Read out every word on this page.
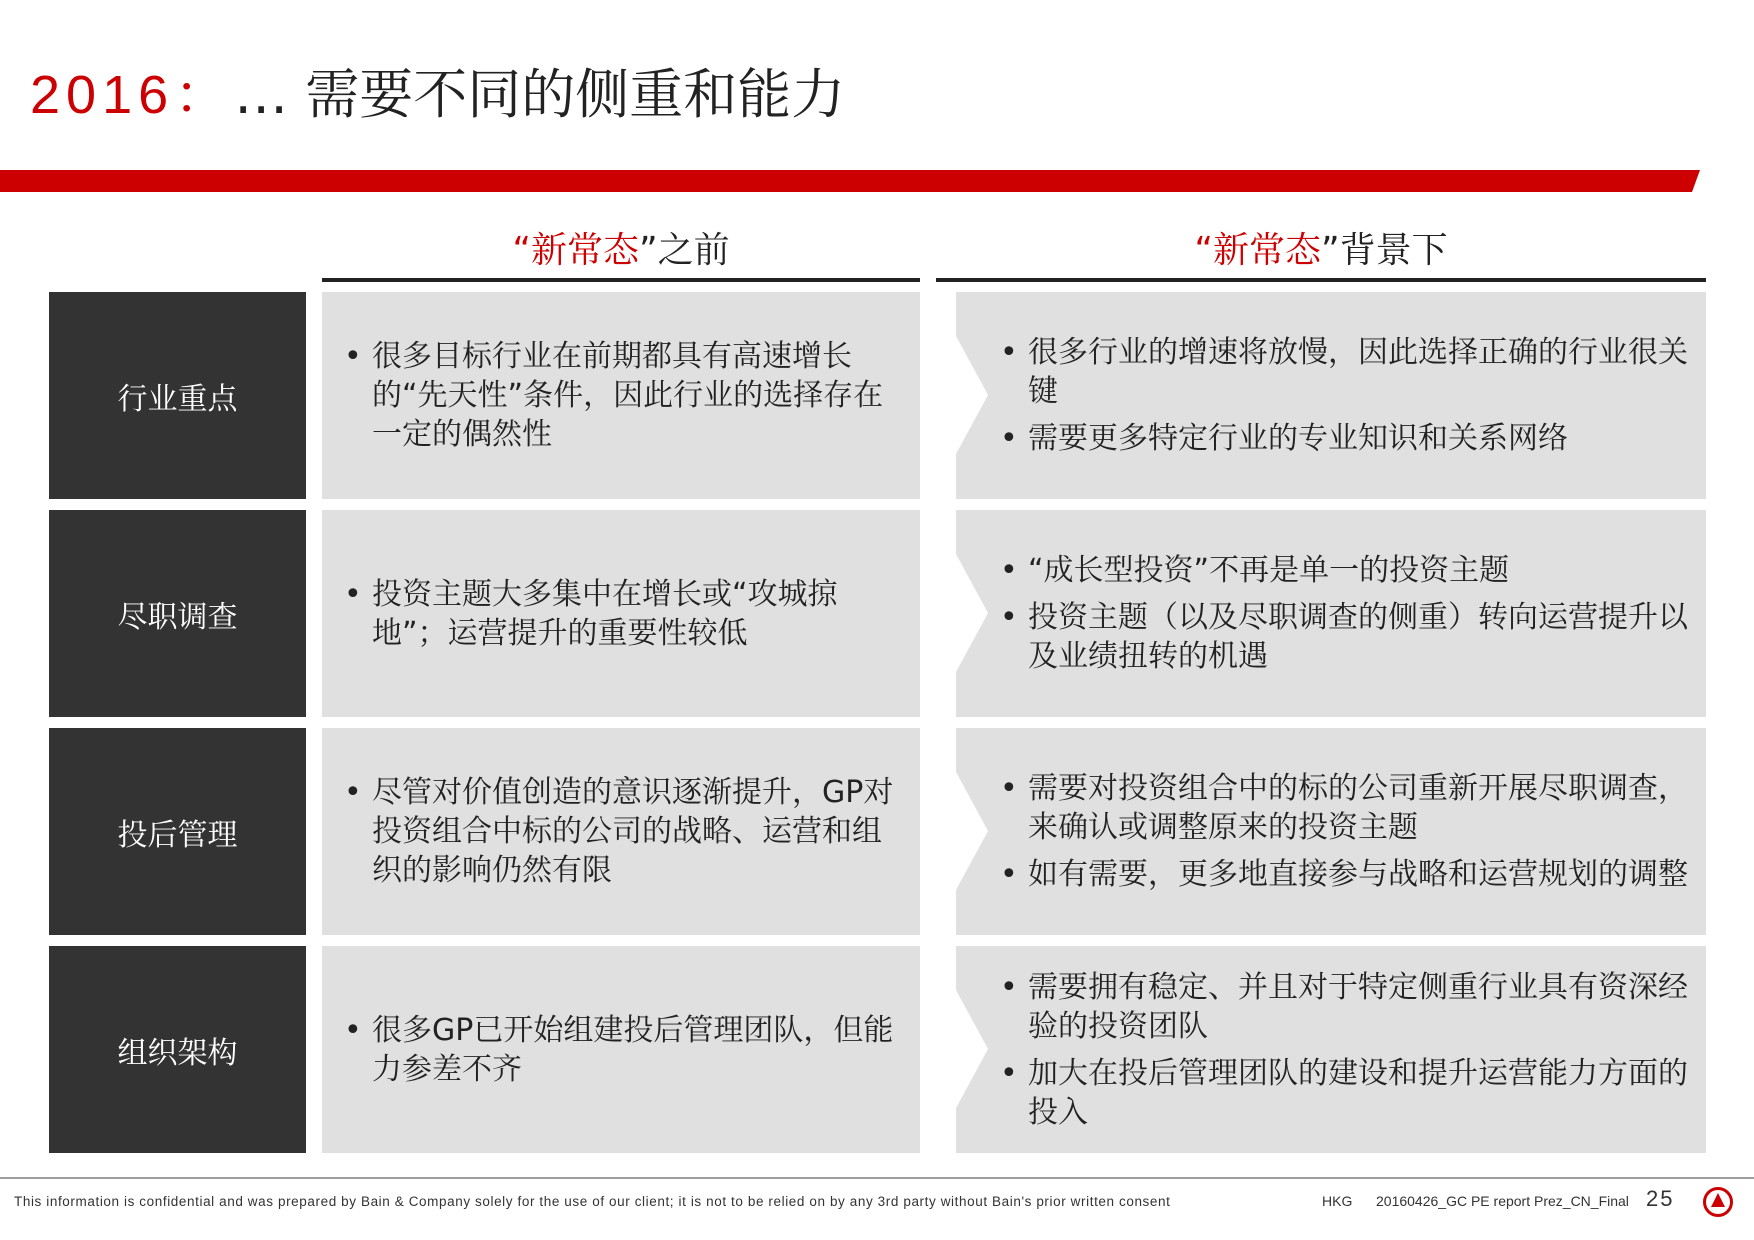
2016： … 需要不同的侧重和能力
“新常态”之前	“新常态”背景下
行业重点
• 很多目标行业在前期都具有高速增长的“先天性”条件，因此行业的选择存在一定的偶然性
• 很多行业的增速将放慢，因此选择正确的行业很关键
• 需要更多特定行业的专业知识和关系网络
尽职调查
• 投资主题大多集中在增长或“攻城掠地”；运营提升的重要性较低
• “成长型投资”不再是单一的投资主题
• 投资主题（以及尽职调查的侧重）转向运营提升以及业绩扭转的机遇
投后管理
• 尽管对价值创造的意识逐渐提升，GP对投资组合中标的公司的战略、运营和组织的影响仍然有限
• 需要对投资组合中的标的公司重新开展尽职调查，来确认或调整原来的投资主题
• 如有需要，更多地直接参与战略和运营规划的调整
组织架构
• 很多GP已开始组建投后管理团队，但能力参差不齐
• 需要拥有稳定、并且对于特定侧重行业具有资深经验的投资团队
• 加大在投后管理团队的建设和提升运营能力方面的投入
This information is confidential and was prepared by Bain & Company solely for the use of our client; it is not to be relied on by any 3rd party without Bain's prior written consent	HKG 20160426_GC PE report Prez_CN_Final 25
